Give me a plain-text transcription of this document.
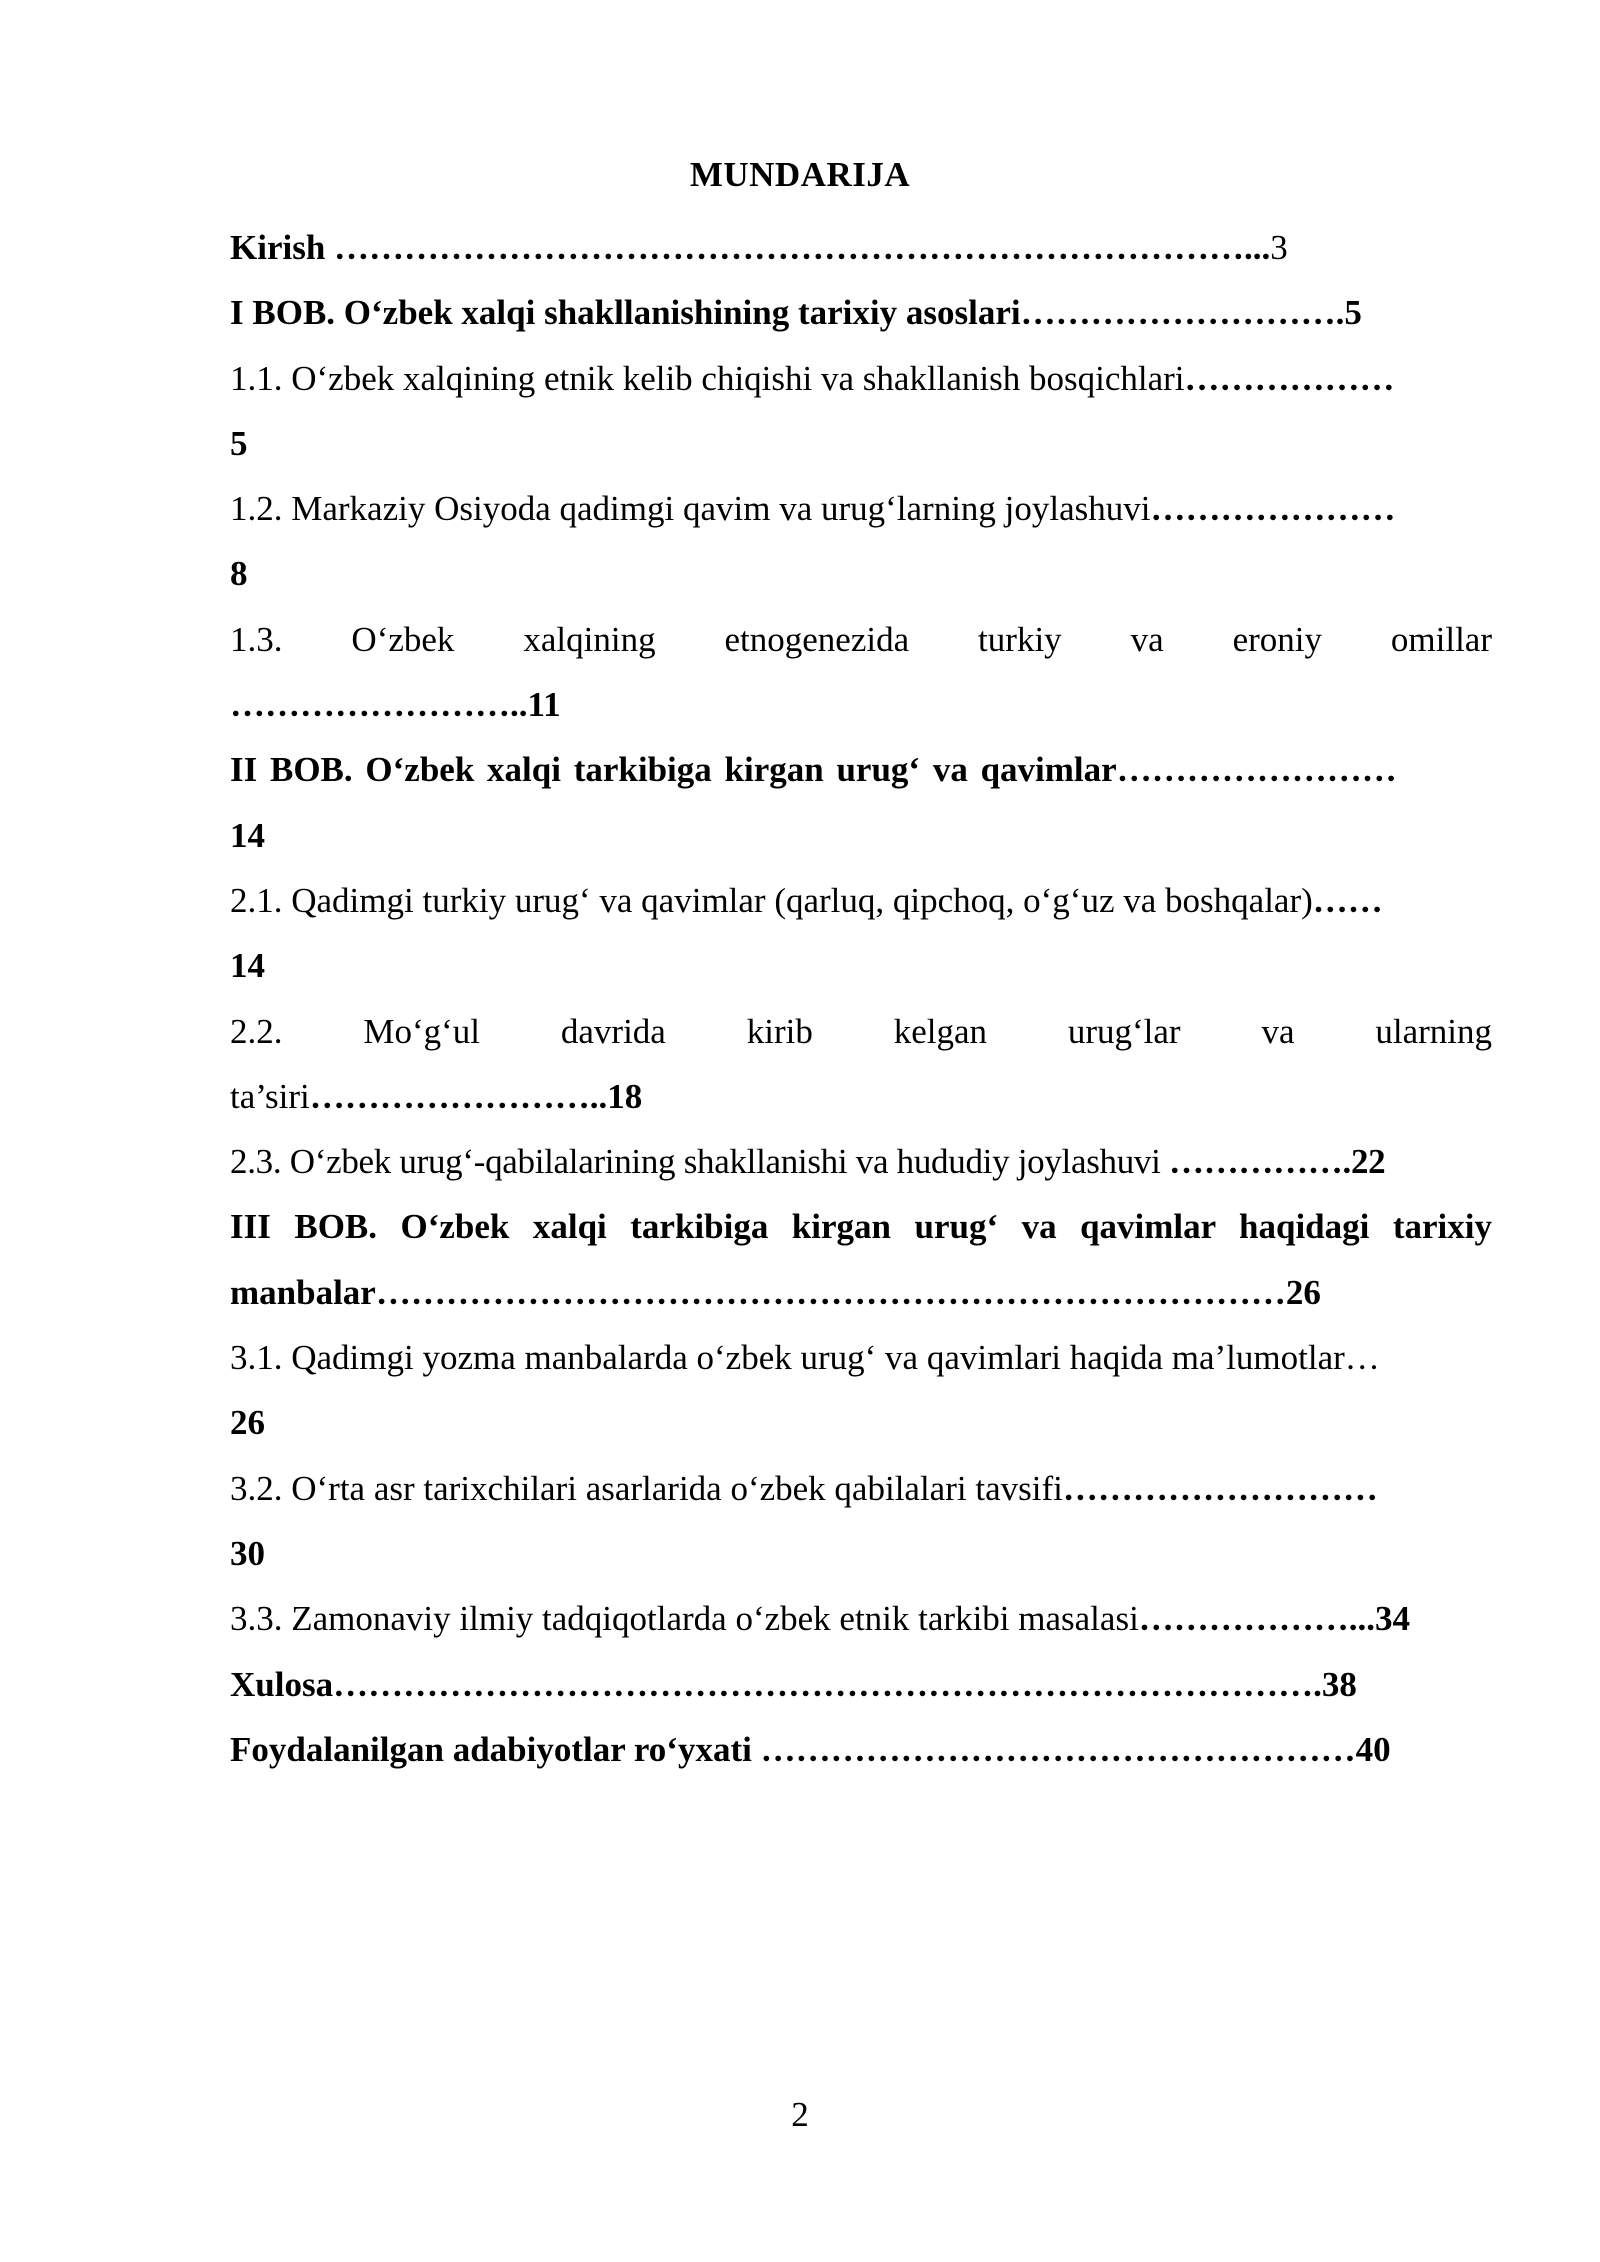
MUNDARIJA
Kirish ……………………………………………………………………...3
I BOB. O‘zbek xalqi shakllanishining tarixiy asoslari……………………….5
1.1. O‘zbek xalqining etnik kelib chiqishi va shakllanish bosqichlari………………
5
1.2. Markaziy Osiyoda qadimgi qavim va urug‘larning joylashuvi…………………
8
1.3. O‘zbek xalqining etnogenezida turkiy va eroniy omillar
……………………..11
II BOB. O‘zbek xalqi tarkibiga kirgan urug‘ va qavimlar……………………
14
2.1. Qadimgi turkiy urug‘ va qavimlar (qarluq, qipchoq, o‘g‘uz va boshqalar)……
14
2.2. Mo‘g‘ul davrida kirib kelgan urug‘lar va ularning
ta’siri……………………..18
2.3. O‘zbek urug‘-qabilalarining shakllanishi va hududiy joylashuvi …………….22
III BOB. O‘zbek xalqi tarkibiga kirgan urug‘ va qavimlar haqidagi tarixiy
manbalar……………………………………………………………………26
3.1. Qadimgi yozma manbalarda o‘zbek urug‘ va qavimlari haqida ma’lumotlar…
26
3.2. O‘rta asr tarixchilari asarlarida o‘zbek qabilalari tavsifi………………………
30
3.3. Zamonaviy ilmiy tadqiqotlarda o‘zbek etnik tarkibi masalasi………………...34
Xulosa………………………………………………………………………….38
Foydalanilgan adabiyotlar ro‘yxati ……………………………………………40
2
